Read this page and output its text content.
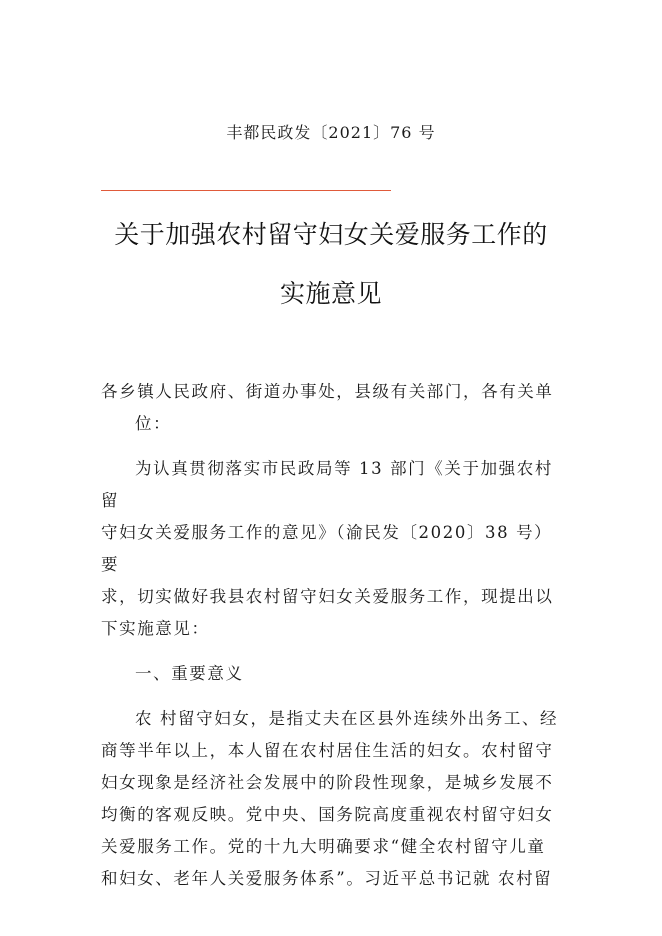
丰都民政发〔2021〕76 号
关于加强农村留守妇女关爱服务工作的
实施意见

各乡镇人民政府、街道办事处，县级有关部门，各有关单

位：

为认真贯彻落实市民政局等 13 部门《关于加强农村留

守妇女关爱服务工作的意见》（渝民发〔2020〕38 号）要

求，切实做好我县农村留守妇女关爱服务工作，现提出以

下实施意见：

一、重要意义

农 村留守妇女，是指丈夫在区县外连续外出务工、经

商等半年以上，本人留在农村居住生活的妇女。农村留守

妇女现象是经济社会发展中的阶段性现象，是城乡发展不

均衡的客观反映。党中央、国务院高度重视农村留守妇女

关爱服务工作。党的十九大明确要求“健全农村留守儿童

和妇女、老年人关爱服务体系”。习近平总书记就 农村留
